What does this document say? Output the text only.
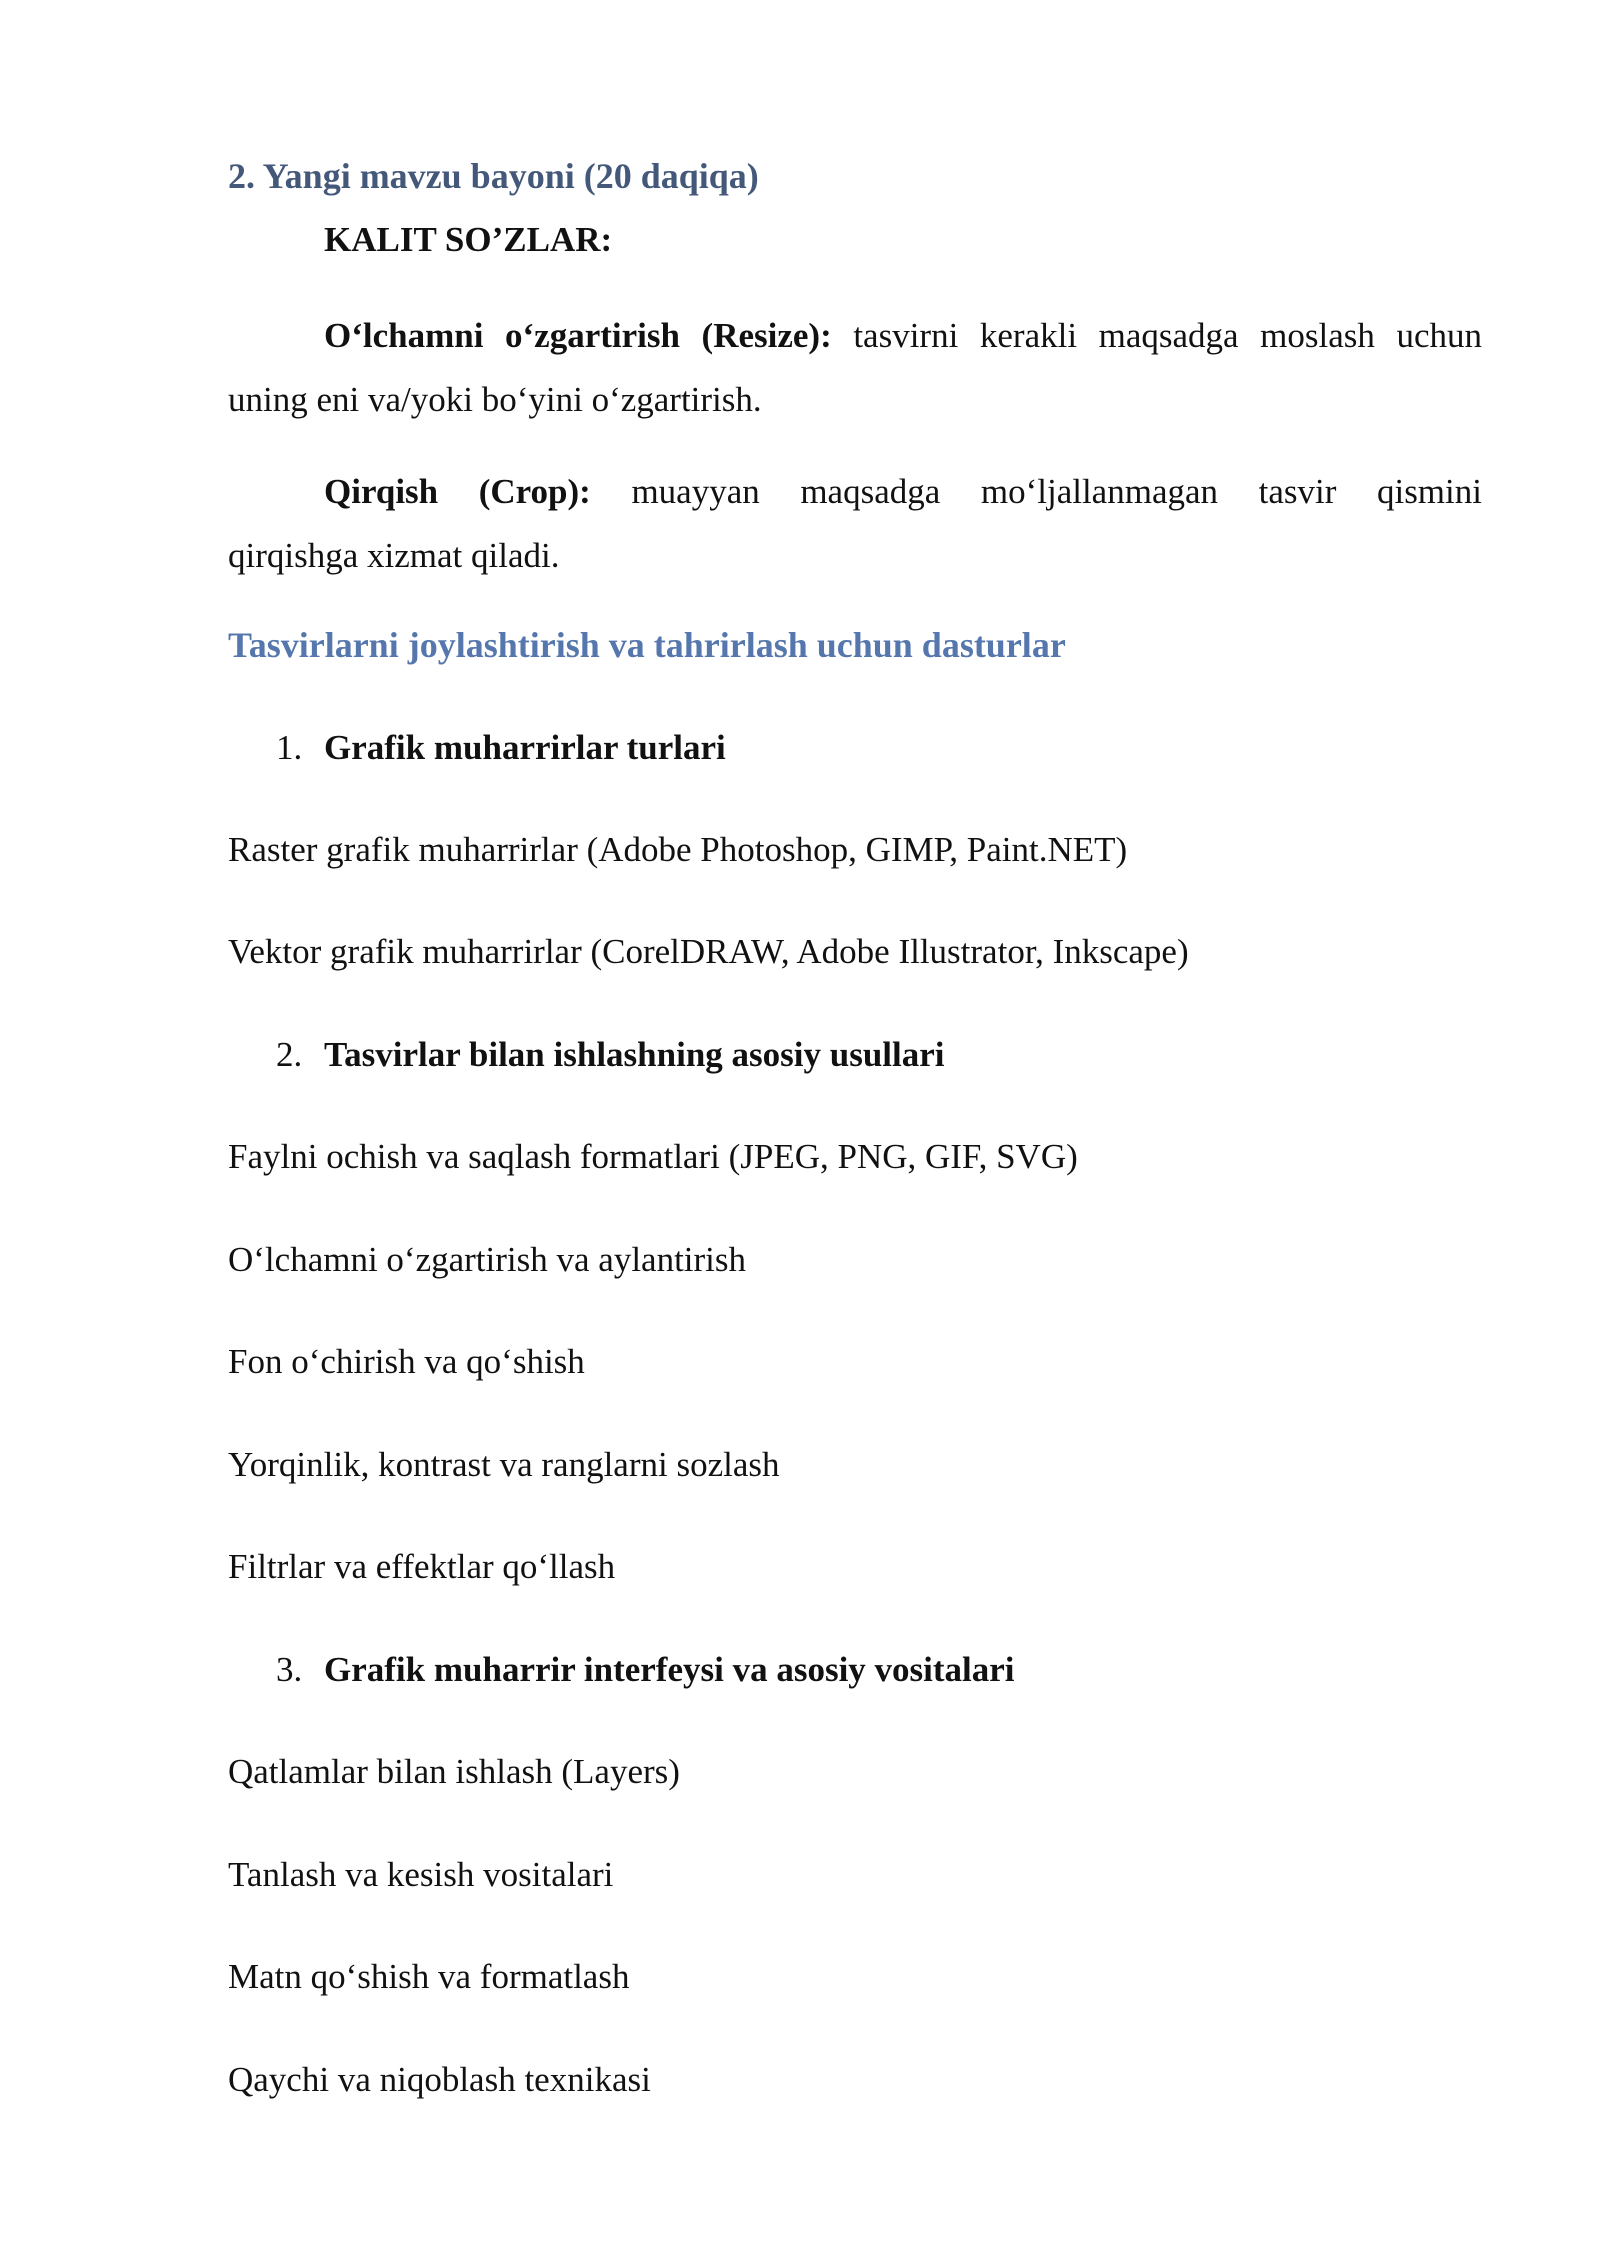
2. Yangi mavzu bayoni (20 daqiqa)
KALIT SO’ZLAR:
O‘lchamni o‘zgartirish (Resize): tasvirni kerakli maqsadga moslash uchun
uning eni va/yoki bo‘yini o‘zgartirish.
Qirqish (Crop): muayyan maqsadga mo‘ljallanmagan tasvir qismini
qirqishga xizmat qiladi.
Tasvirlarni joylashtirish va tahrirlash uchun dasturlar
1. Grafik muharrirlar turlari
Raster grafik muharrirlar (Adobe Photoshop, GIMP, Paint.NET)
Vektor grafik muharrirlar (CorelDRAW, Adobe Illustrator, Inkscape)
2. Tasvirlar bilan ishlashning asosiy usullari
Faylni ochish va saqlash formatlari (JPEG, PNG, GIF, SVG)
O‘lchamni o‘zgartirish va aylantirish
Fon o‘chirish va qo‘shish
Yorqinlik, kontrast va ranglarni sozlash
Filtrlar va effektlar qo‘llash
3. Grafik muharrir interfeysi va asosiy vositalari
Qatlamlar bilan ishlash (Layers)
Tanlash va kesish vositalari
Matn qo‘shish va formatlash
Qaychi va niqoblash texnikasi
